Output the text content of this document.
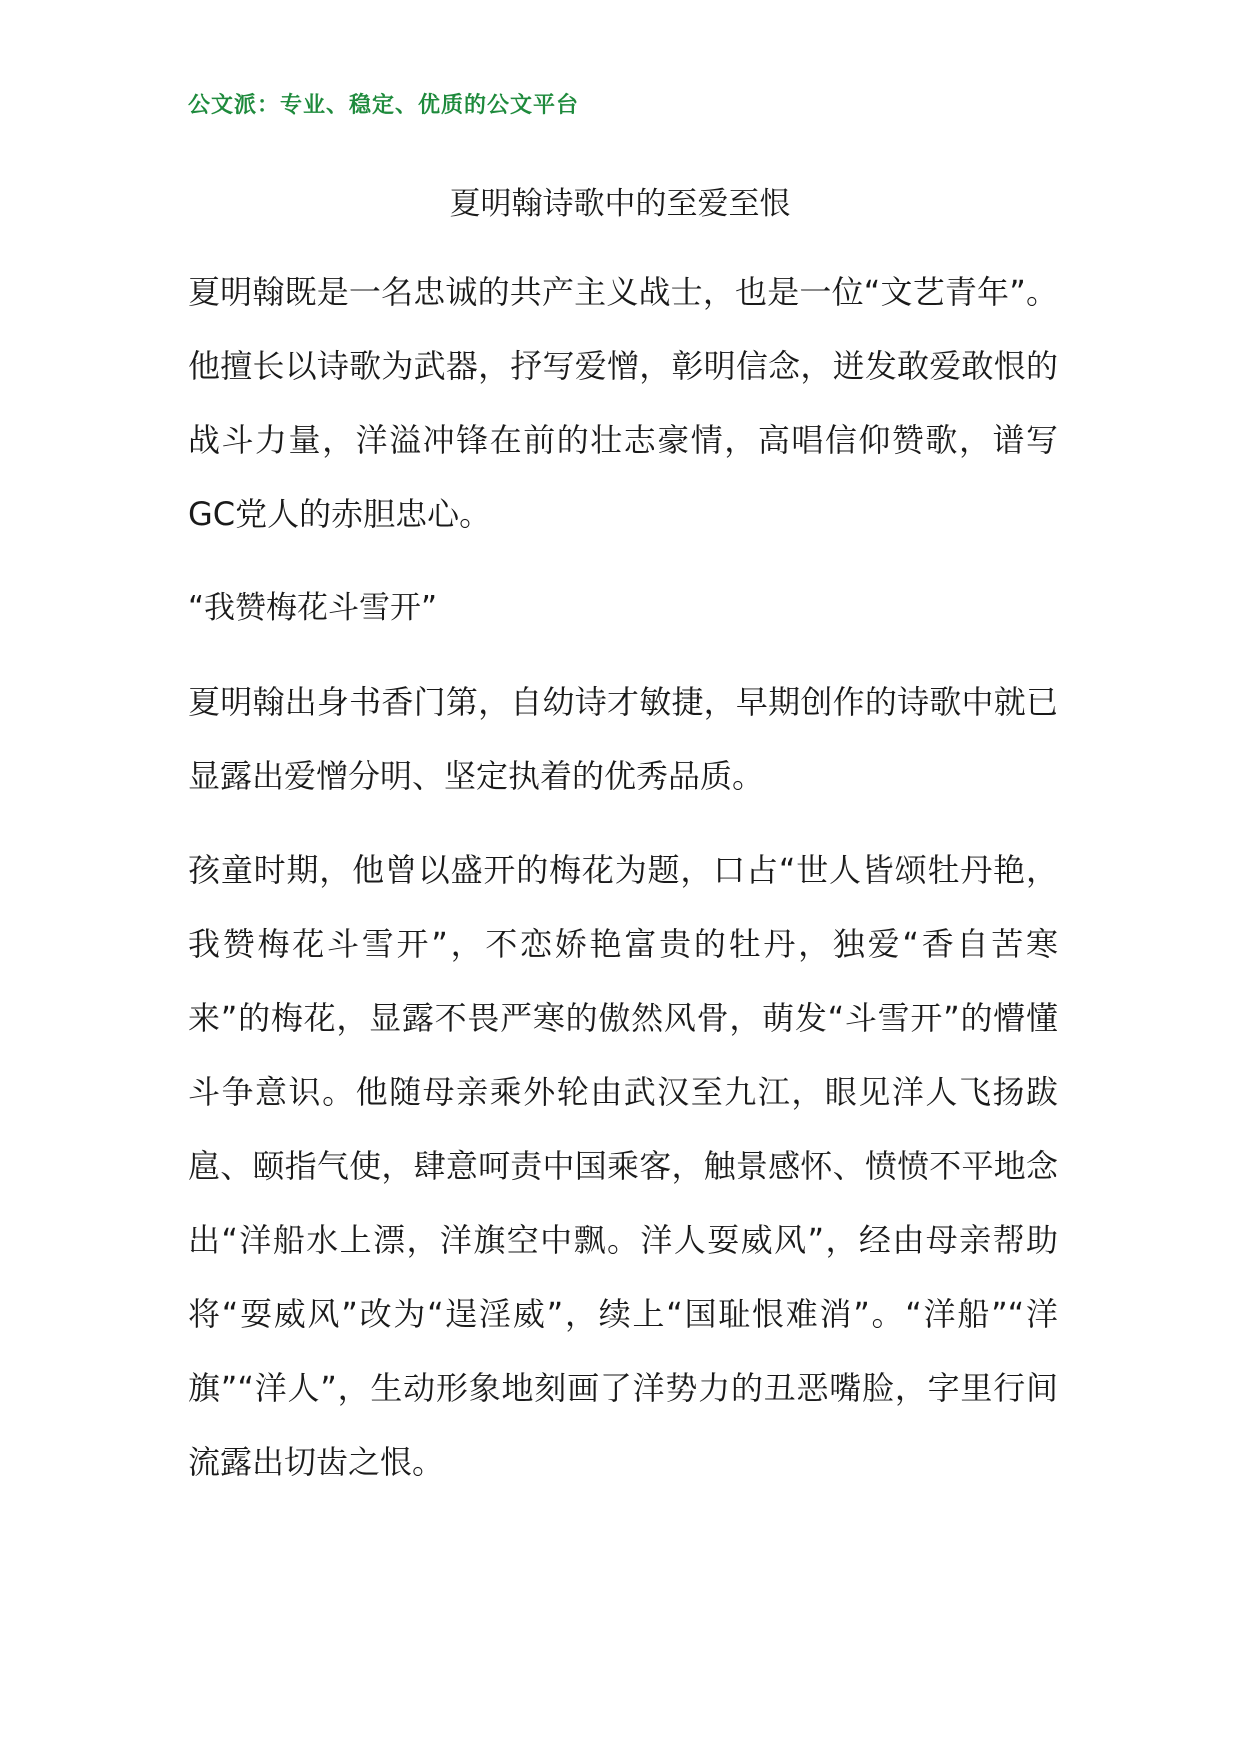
公文派：专业、稳定、优质的公文平台
夏明翰诗歌中的至爱至恨

夏明翰既是一名忠诚的共产主义战士，也是一位“文艺青年”。他擅长以诗歌为武器，抒写爱憎，彰明信念，迸发敢爱敢恨的战斗力量，洋溢冲锋在前的壮志豪情，高唱信仰赞歌，谱写GC党人的赤胆忠心。

“我赞梅花斗雪开”

夏明翰出身书香门第，自幼诗才敏捷，早期创作的诗歌中就已显露出爱憎分明、坚定执着的优秀品质。

孩童时期，他曾以盛开的梅花为题，口占“世人皆颂牡丹艳，我赞梅花斗雪开”，不恋娇艳富贵的牡丹，独爱“香自苦寒来”的梅花，显露不畏严寒的傲然风骨，萌发“斗雪开”的懵懂斗争意识。他随母亲乘外轮由武汉至九江，眼见洋人飞扬跋扈、颐指气使，肆意呵责中国乘客，触景感怀、愤愤不平地念出“洋船水上漂，洋旗空中飘。洋人耍威风”，经由母亲帮助将“耍威风”改为“逞淫威”，续上“国耻恨难消”。“洋船”“洋旗”“洋人”，生动形象地刻画了洋势力的丑恶嘴脸，字里行间流露出切齿之恨。
